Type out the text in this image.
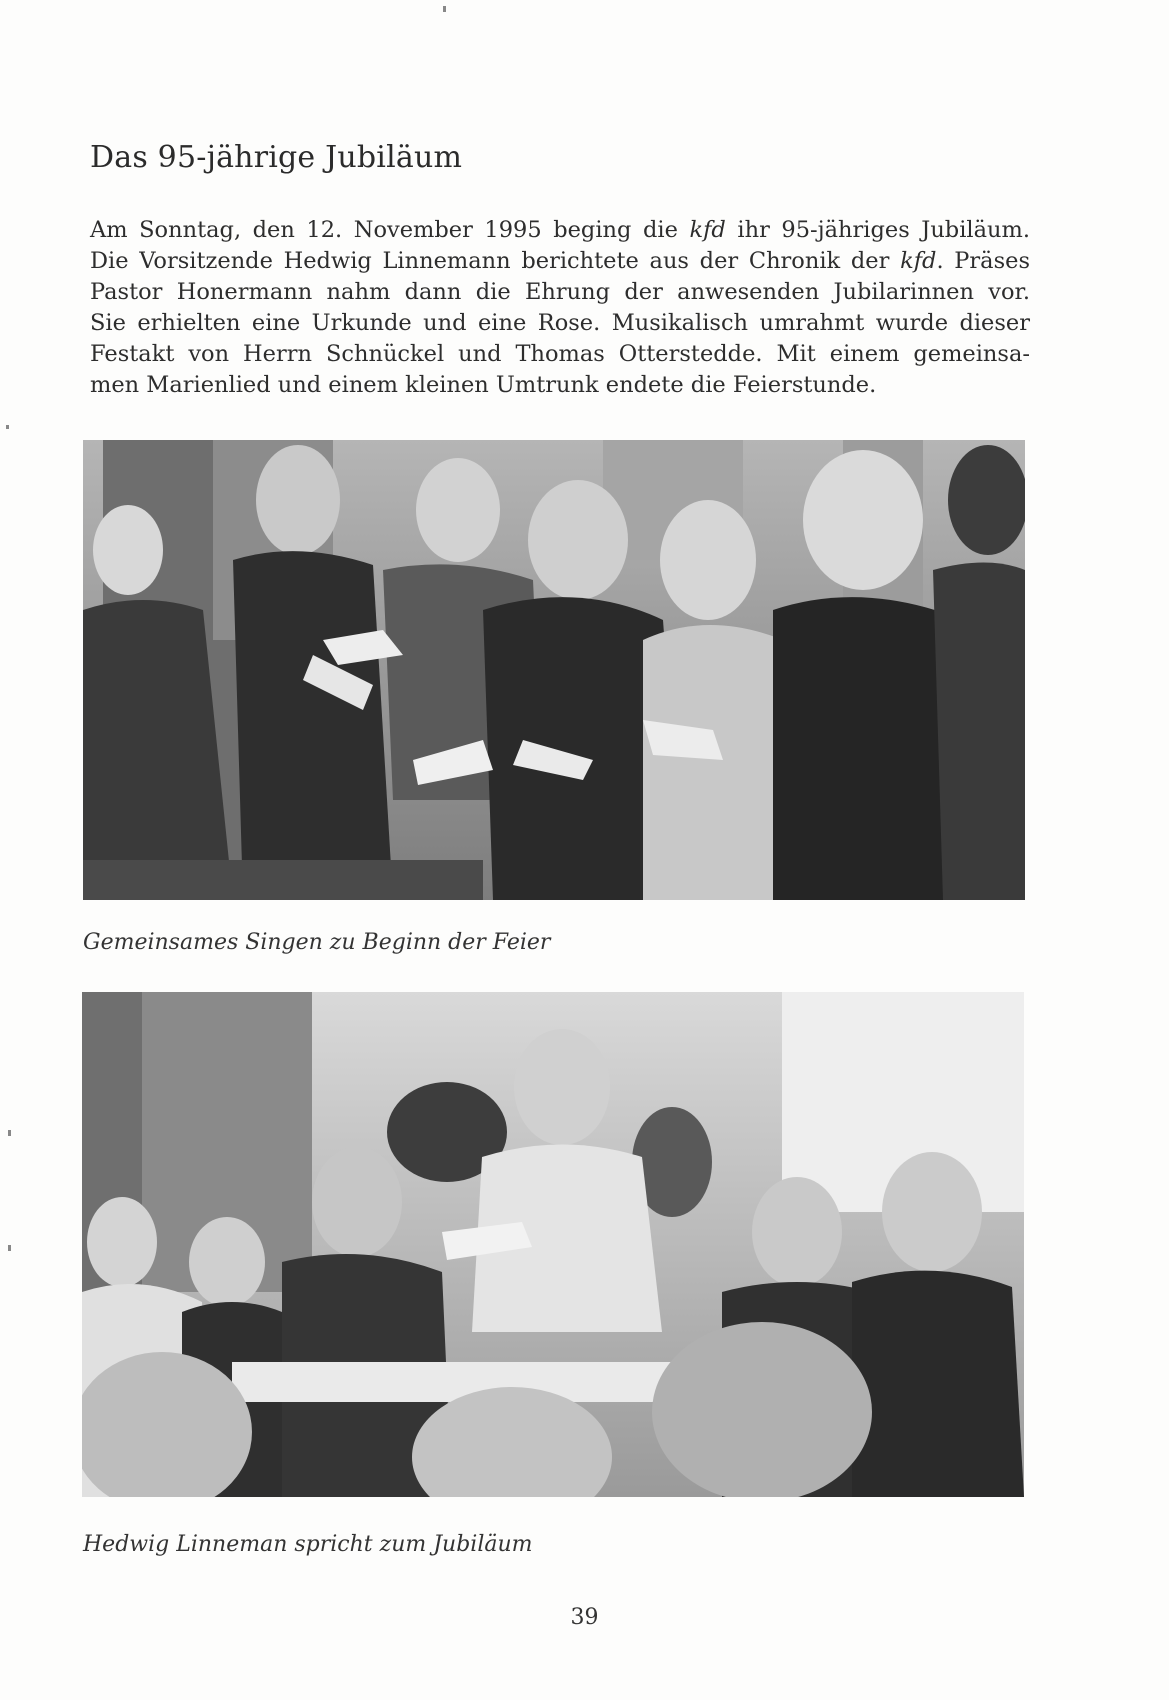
Das 95-jährige Jubiläum

Am Sonntag, den 12. November 1995 beging die kfd ihr 95-jähriges Jubiläum.
Die Vorsitzende Hedwig Linnemann berichtete aus der Chronik der kfd. Präses
Pastor Honermann nahm dann die Ehrung der anwesenden Jubilarinnen vor.
Sie erhielten eine Urkunde und eine Rose. Musikalisch umrahmt wurde dieser
Festakt von Herrn Schnückel und Thomas Otterstedde. Mit einem gemeinsa-
men Marienlied und einem kleinen Umtrunk endete die Feierstunde.

Gemeinsames Singen zu Beginn der Feier

Hedwig Linneman spricht zum Jubiläum

39
